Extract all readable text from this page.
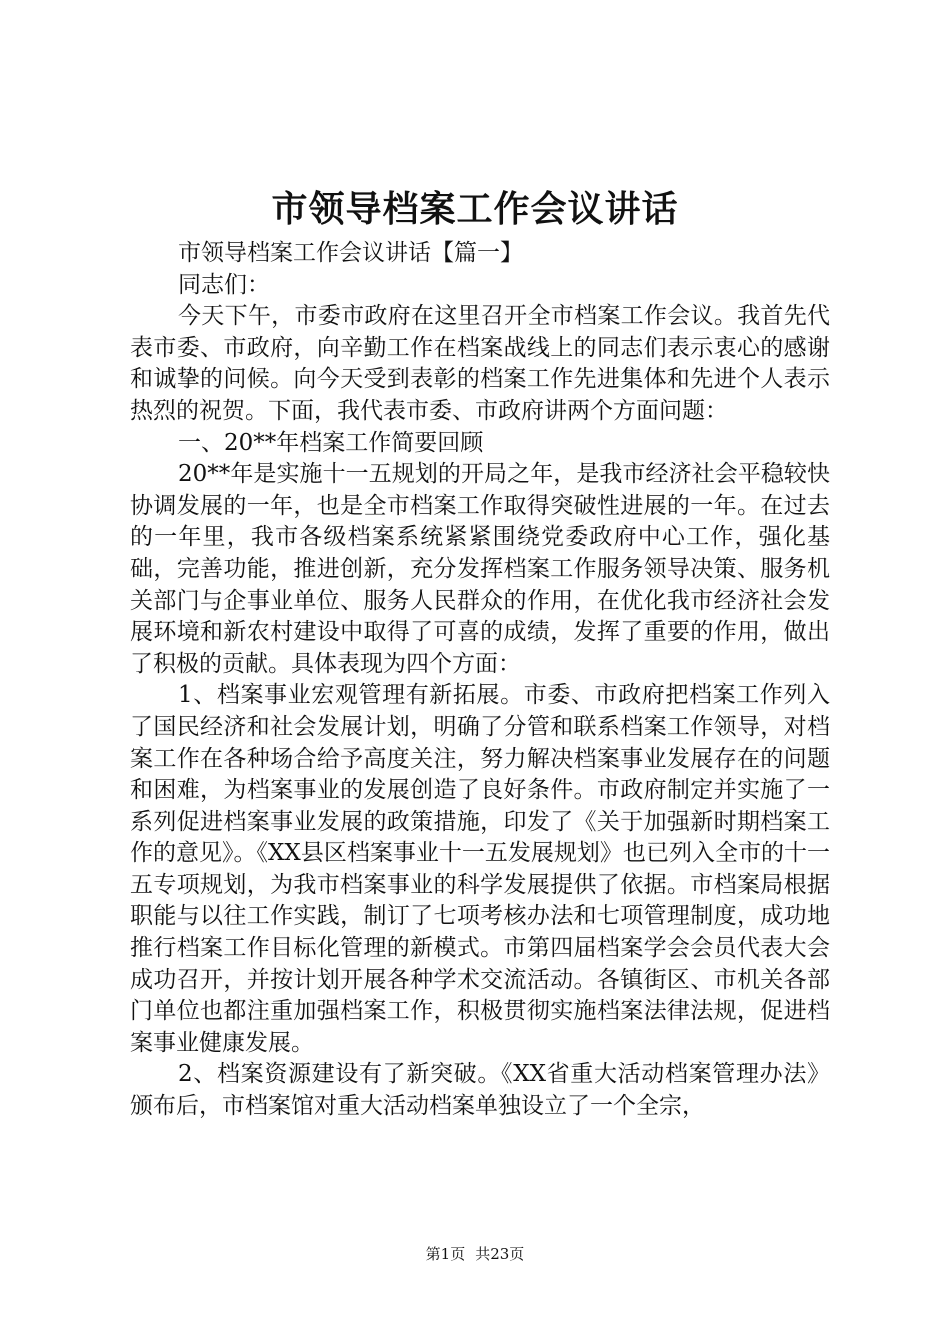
市领导档案工作会议讲话

市领导档案工作会议讲话【篇一】

同志们：

今天下午，市委市政府在这里召开全市档案工作会议。我首先代表市委、市政府，向辛勤工作在档案战线上的同志们表示衷心的感谢和诚挚的问候。向今天受到表彰的档案工作先进集体和先进个人表示热烈的祝贺。下面，我代表市委、市政府讲两个方面问题：

一、20**年档案工作简要回顾

20**年是实施十一五规划的开局之年，是我市经济社会平稳较快协调发展的一年，也是全市档案工作取得突破性进展的一年。在过去的一年里，我市各级档案系统紧紧围绕党委政府中心工作，强化基础，完善功能，推进创新，充分发挥档案工作服务领导决策、服务机关部门与企事业单位、服务人民群众的作用，在优化我市经济社会发展环境和新农村建设中取得了可喜的成绩，发挥了重要的作用，做出了积极的贡献。具体表现为四个方面：

1、档案事业宏观管理有新拓展。市委、市政府把档案工作列入了国民经济和社会发展计划，明确了分管和联系档案工作领导，对档案工作在各种场合给予高度关注，努力解决档案事业发展存在的问题和困难，为档案事业的发展创造了良好条件。市政府制定并实施了一系列促进档案事业发展的政策措施，印发了《关于加强新时期档案工作的意见》。《XX县区档案事业十一五发展规划》也已列入全市的十一五专项规划，为我市档案事业的科学发展提供了依据。市档案局根据职能与以往工作实践，制订了七项考核办法和七项管理制度，成功地推行档案工作目标化管理的新模式。市第四届档案学会会员代表大会成功召开，并按计划开展各种学术交流活动。各镇街区、市机关各部门单位也都注重加强档案工作，积极贯彻实施档案法律法规，促进档案事业健康发展。

2、档案资源建设有了新突破。《XX省重大活动档案管理办法》颁布后，市档案馆对重大活动档案单独设立了一个全宗，

第1页 共23页
